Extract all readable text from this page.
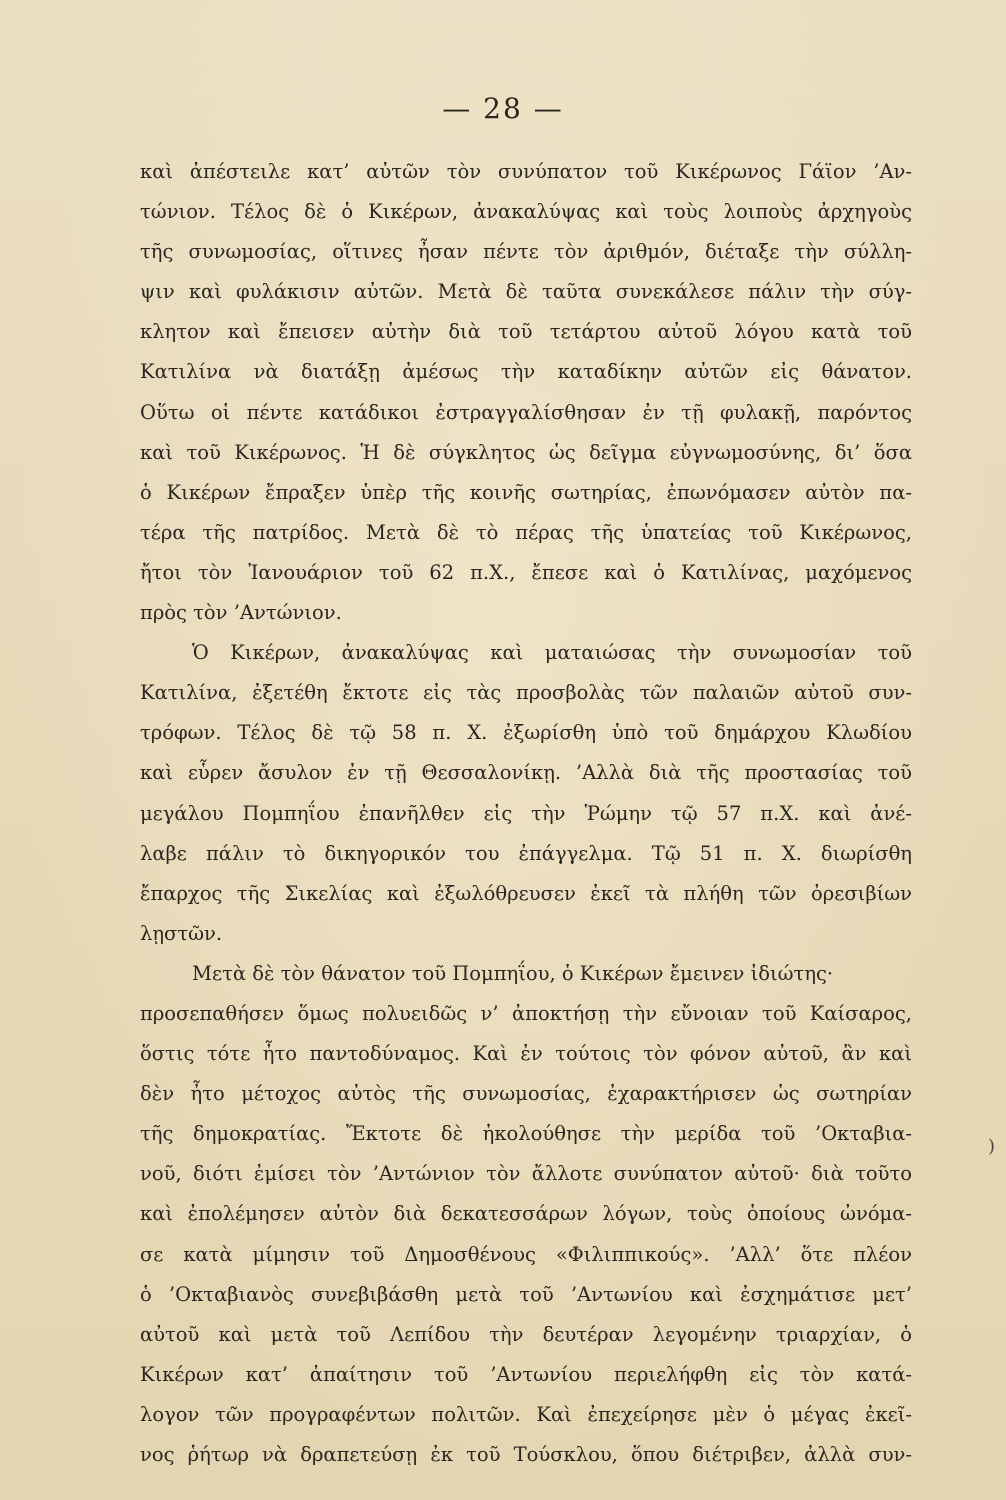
— 28 —
καὶ ἀπέστειλε κατ’ αὐτῶν τὸν συνύπατον τοῦ Κικέρωνος Γάϊον ’Αν-
τώνιον. Τέλος δὲ ὁ Κικέρων, ἀνακαλύψας καὶ τοὺς λοιποὺς ἀρχηγοὺς
τῆς συνωμοσίας, οἵτινες ἦσαν πέντε τὸν ἀριθμόν, διέταξε τὴν σύλλη-
ψιν καὶ φυλάκισιν αὐτῶν. Μετὰ δὲ ταῦτα συνεκάλεσε πάλιν τὴν σύγ-
κλητον καὶ ἔπεισεν αὐτὴν διὰ τοῦ τετάρτου αὐτοῦ λόγου κατὰ τοῦ
Κατιλίνα νὰ διατάξῃ ἀμέσως τὴν καταδίκην αὐτῶν εἰς θάνατον.
Οὕτω οἱ πέντε κατάδικοι ἐστραγγαλίσθησαν ἐν τῇ φυλακῇ, παρόντος
καὶ τοῦ Κικέρωνος. Ἡ δὲ σύγκλητος ὡς δεῖγμα εὐγνωμοσύνης, δι’ ὅσα
ὁ Κικέρων ἔπραξεν ὑπὲρ τῆς κοινῆς σωτηρίας, ἐπωνόμασεν αὐτὸν πα-
τέρα τῆς πατρίδος. Μετὰ δὲ τὸ πέρας τῆς ὑπατείας τοῦ Κικέρωνος,
ἤτοι τὸν Ἰανουάριον τοῦ 62 π.Χ., ἔπεσε καὶ ὁ Κατιλίνας, μαχόμενος
πρὸς τὸν ’Αντώνιον.
Ὁ Κικέρων, ἀνακαλύψας καὶ ματαιώσας τὴν συνωμοσίαν τοῦ
Κατιλίνα, ἐξετέθη ἔκτοτε εἰς τὰς προσβολὰς τῶν παλαιῶν αὐτοῦ συν-
τρόφων. Τέλος δὲ τῷ 58 π. Χ. ἐξωρίσθη ὑπὸ τοῦ δημάρχου Κλωδίου
καὶ εὗρεν ἄσυλον ἐν τῇ Θεσσαλονίκῃ. ’Αλλὰ διὰ τῆς προστασίας τοῦ
μεγάλου Πομπηΐου ἐπανῆλθεν εἰς τὴν Ῥώμην τῷ 57 π.Χ. καὶ ἀνέ-
λαβε πάλιν τὸ δικηγορικόν του ἐπάγγελμα. Τῷ 51 π. Χ. διωρίσθη
ἔπαρχος τῆς Σικελίας καὶ ἐξωλόθρευσεν ἐκεῖ τὰ πλήθη τῶν ὀρεσιβίων
λῃστῶν.
Μετὰ δὲ τὸν θάνατον τοῦ Πομπηΐου, ὁ Κικέρων ἔμεινεν ἰδιώτης·
προσεπαθήσεν ὅμως πολυειδῶς ν’ ἀποκτήσῃ τὴν εὔνοιαν τοῦ Καίσαρος,
ὅστις τότε ἦτο παντοδύναμος. Καὶ ἐν τούτοις τὸν φόνον αὐτοῦ, ἂν καὶ
δὲν ἦτο μέτοχος αὐτὸς τῆς συνωμοσίας, ἐχαρακτήρισεν ὡς σωτηρίαν
τῆς δημοκρατίας. Ἔκτοτε δὲ ἠκολούθησε τὴν μερίδα τοῦ ’Οκταβια-
νοῦ, διότι ἐμίσει τὸν ’Αντώνιον τὸν ἄλλοτε συνύπατον αὐτοῦ· διὰ τοῦτο
καὶ ἐπολέμησεν αὐτὸν διὰ δεκατεσσάρων λόγων, τοὺς ὁποίους ὠνόμα-
σε κατὰ μίμησιν τοῦ Δημοσθένους «Φιλιππικούς». ’Αλλ’ ὅτε πλέον
ὁ ’Οκταβιανὸς συνεβιβάσθη μετὰ τοῦ ’Αντωνίου καὶ ἐσχημάτισε μετ’
αὐτοῦ καὶ μετὰ τοῦ Λεπίδου τὴν δευτέραν λεγομένην τριαρχίαν, ὁ
Κικέρων κατ’ ἀπαίτησιν τοῦ ’Αντωνίου περιελήφθη εἰς τὸν κατά-
λογον τῶν προγραφέντων πολιτῶν. Καὶ ἐπεχείρησε μὲν ὁ μέγας ἐκεῖ-
νος ῥήτωρ νὰ δραπετεύσῃ ἐκ τοῦ Τούσκλου, ὅπου διέτριβεν, ἀλλὰ συν-
)
